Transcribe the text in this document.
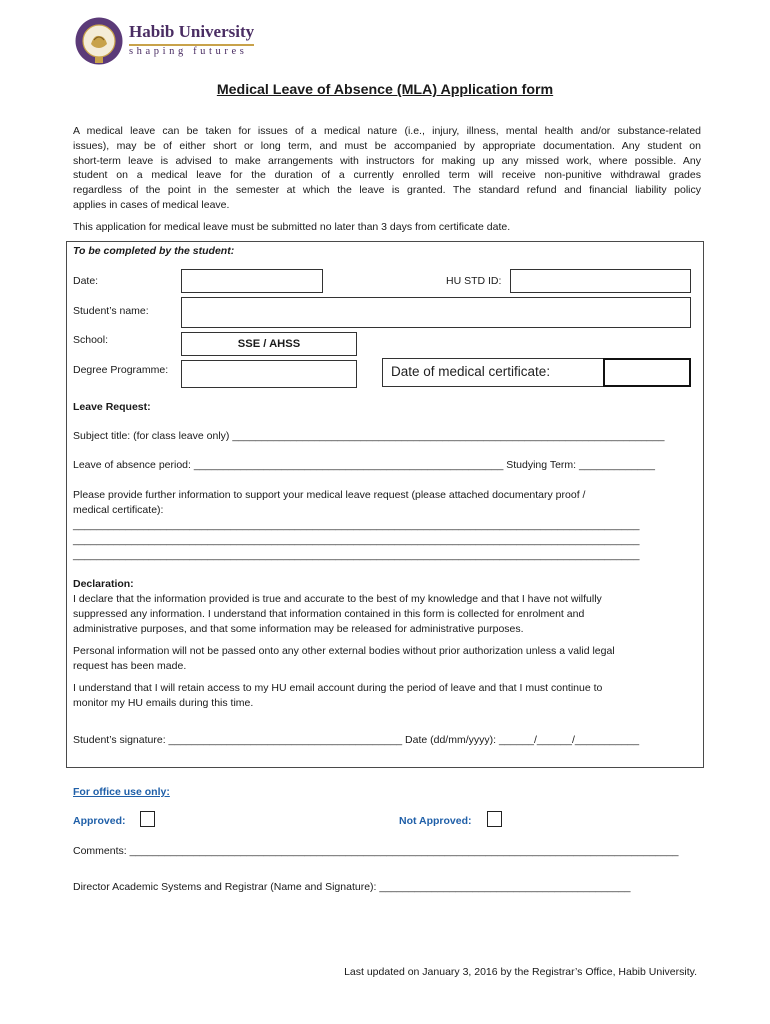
Habib University
shaping futures
Medical Leave of Absence (MLA) Application form
A medical leave can be taken for issues of a medical nature (i.e., injury, illness, mental health and/or substance-related
issues), may be of either short or long term, and must be accompanied by appropriate documentation. Any student on
short-term leave is advised to make arrangements with instructors for making up any missed work, where possible. Any
student on a medical leave for the duration of a currently enrolled term will receive non-punitive withdrawal grades
regardless of the point in the semester at which the leave is granted. The standard refund and financial liability policy
applies in cases of medical leave.
This application for medical leave must be submitted no later than 3 days from certificate date.
To be completed by the student:
Date:	HU STD ID:
Student’s name:
School:	SSE / AHSS
Degree Programme:	Date of medical certificate:
Leave Request:
Subject title: (for class leave only) __________________________________________________________________________
Leave of absence period: _____________________________________________________ Studying Term: _____________
Please provide further information to support your medical leave request (please attached documentary proof /
medical certificate):
_________________________________________________________________________________________________
_________________________________________________________________________________________________
_________________________________________________________________________________________________
Declaration:
I declare that the information provided is true and accurate to the best of my knowledge and that I have not wilfully
suppressed any information. I understand that information contained in this form is collected for enrolment and
administrative purposes, and that some information may be released for administrative purposes.
Personal information will not be passed onto any other external bodies without prior authorization unless a valid legal
request has been made.
I understand that I will retain access to my HU email account during the period of leave and that I must continue to
monitor my HU emails during this time.
Student’s signature: ________________________________________ Date (dd/mm/yyyy): ______/______/___________
For office use only:
Approved:	Not Approved:
Comments: ______________________________________________________________________________________________
Director Academic Systems and Registrar (Name and Signature): ___________________________________________
Last updated on January 3, 2016 by the Registrar’s Office, Habib University.
